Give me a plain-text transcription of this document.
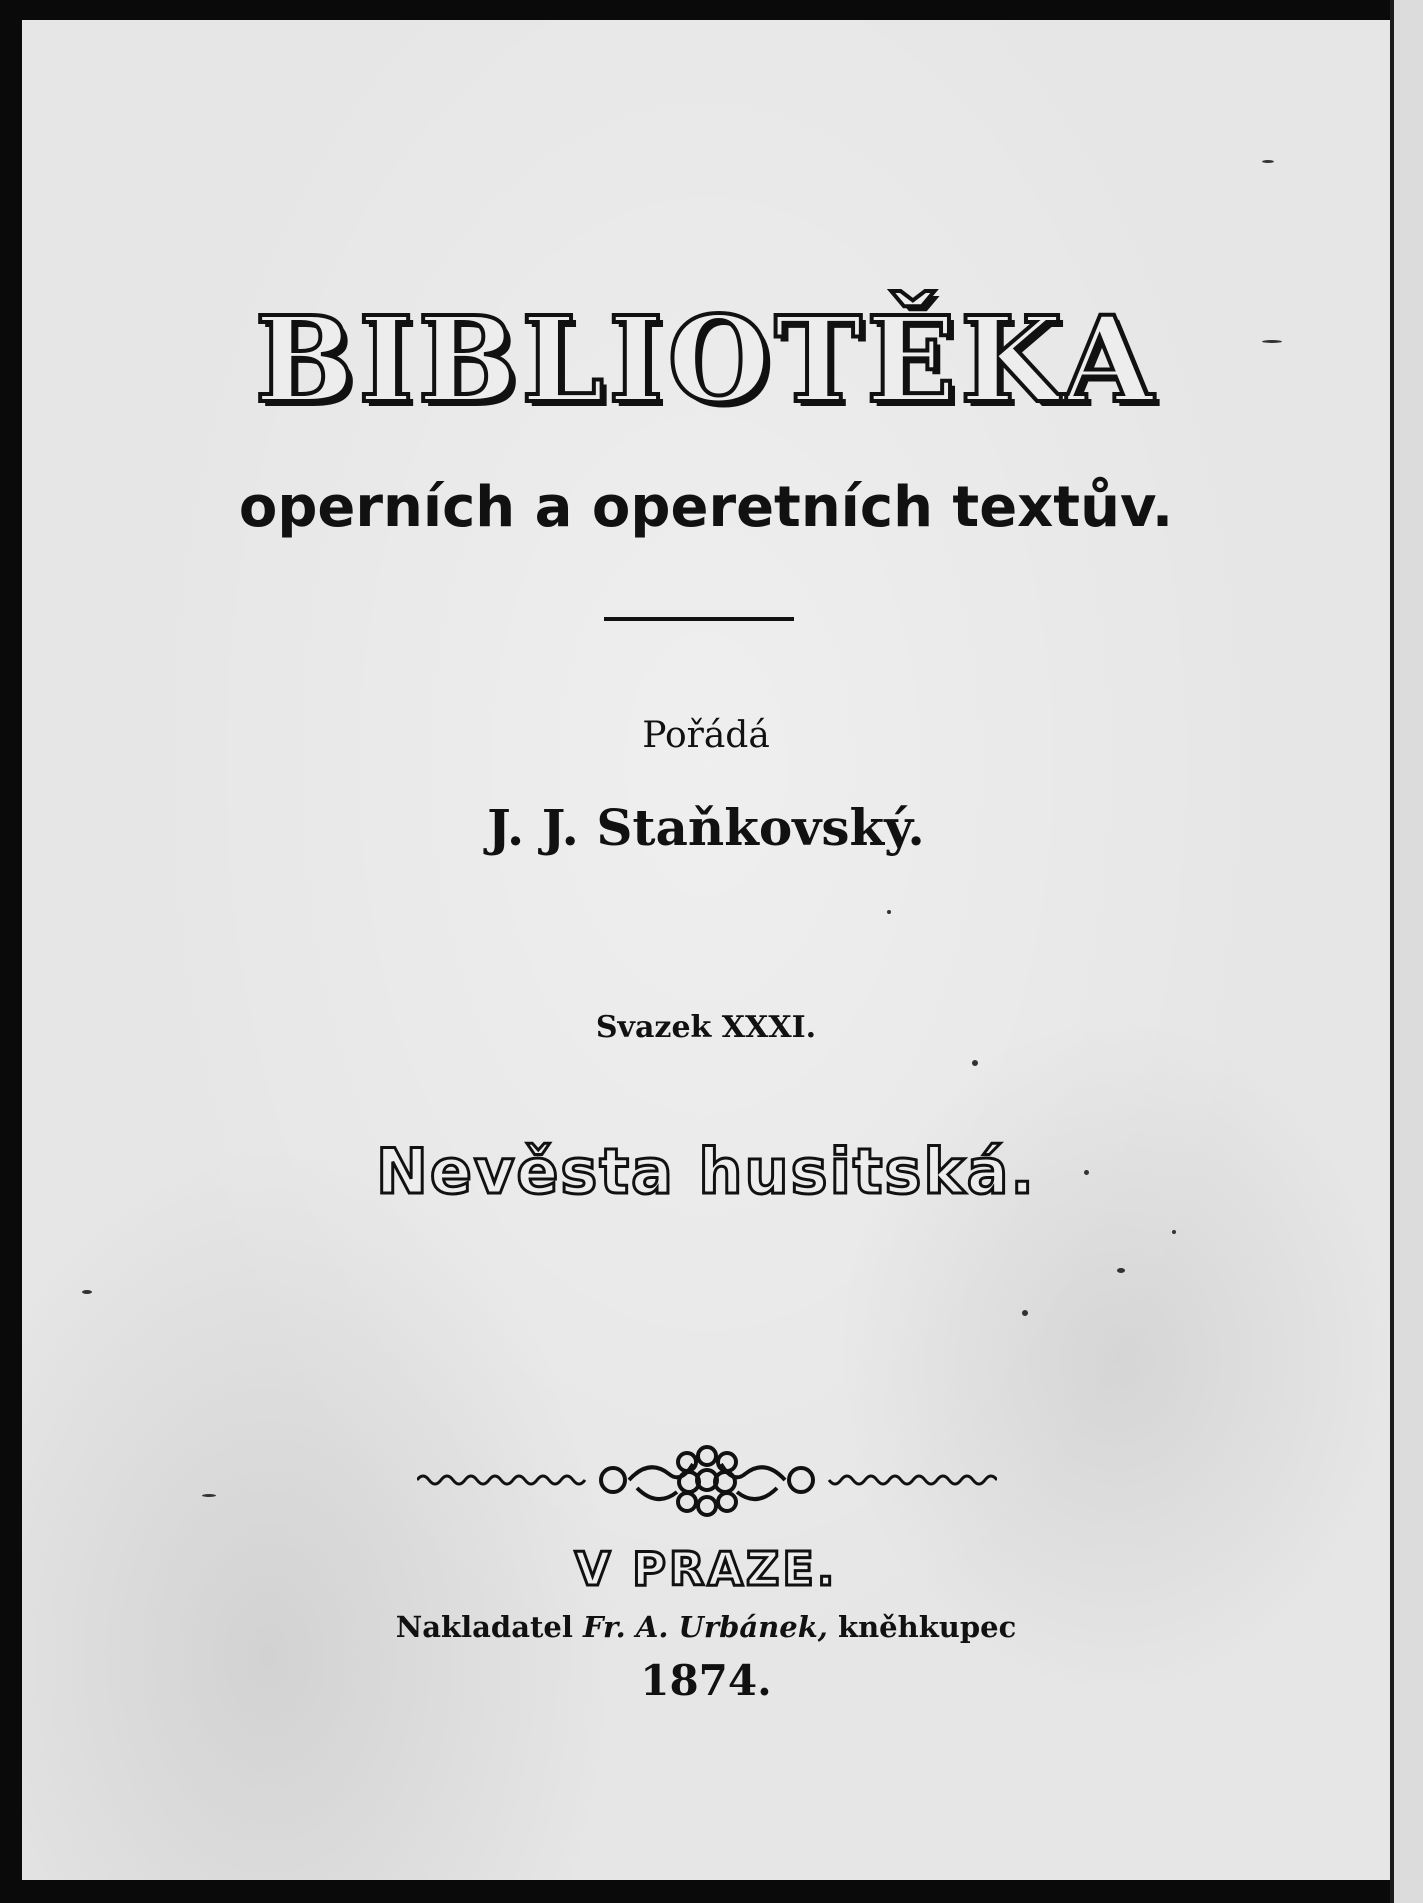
BIBLIOTĚKA
operních a operetních textův.
Pořádá
J. J. Staňkovský.
Svazek XXXI.
Nevěsta husitská.
V PRAZE.
Nakladatel Fr. A. Urbánek, kněhkupec
1874.
